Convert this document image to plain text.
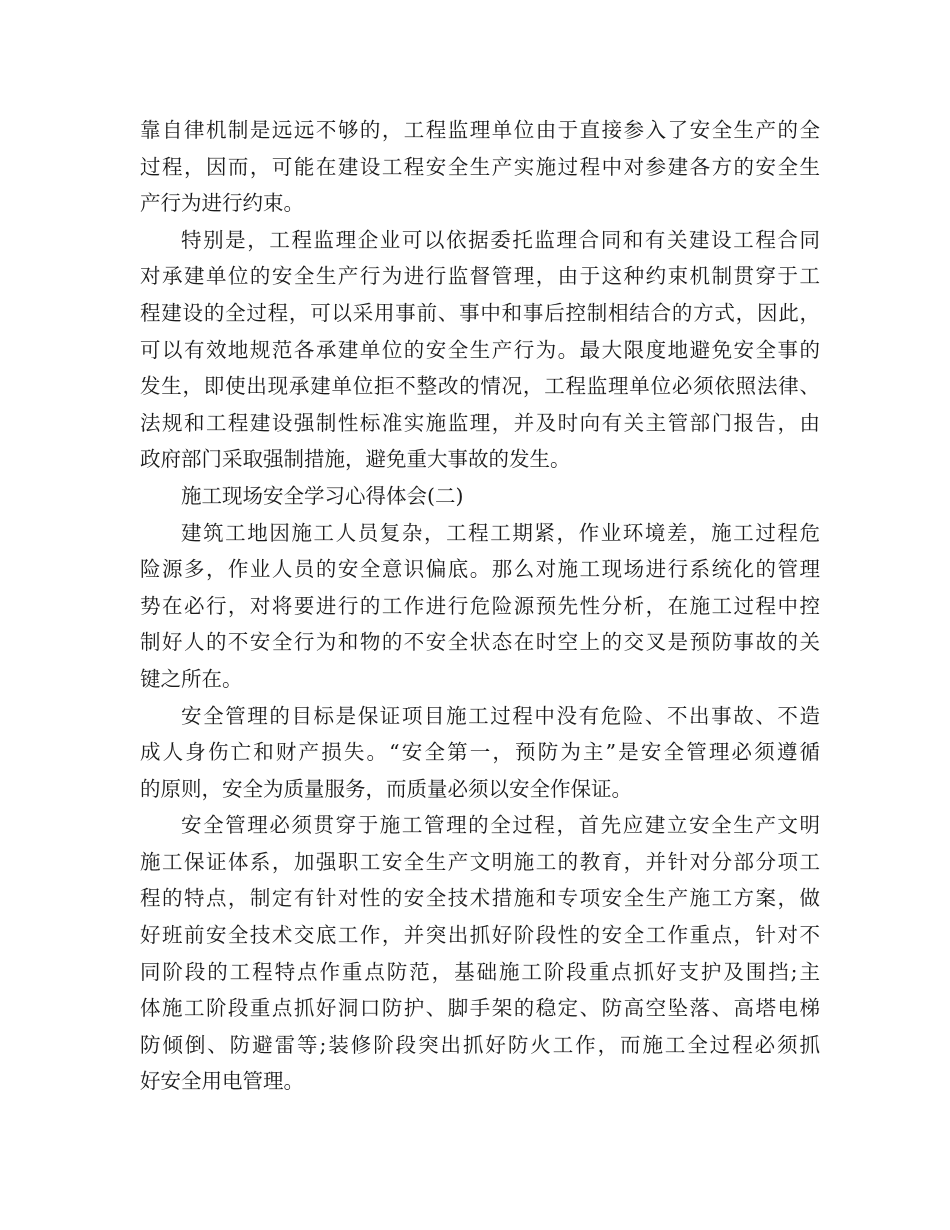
靠自律机制是远远不够的，工程监理单位由于直接参入了安全生产的全
过程，因而，可能在建设工程安全生产实施过程中对参建各方的安全生
产行为进行约束。
特别是，工程监理企业可以依据委托监理合同和有关建设工程合同
对承建单位的安全生产行为进行监督管理，由于这种约束机制贯穿于工
程建设的全过程，可以采用事前、事中和事后控制相结合的方式，因此，
可以有效地规范各承建单位的安全生产行为。最大限度地避免安全事的
发生，即使出现承建单位拒不整改的情况，工程监理单位必须依照法律、
法规和工程建设强制性标准实施监理，并及时向有关主管部门报告，由
政府部门采取强制措施，避免重大事故的发生。
施工现场安全学习心得体会(二)
建筑工地因施工人员复杂，工程工期紧，作业环境差，施工过程危
险源多，作业人员的安全意识偏底。那么对施工现场进行系统化的管理
势在必行，对将要进行的工作进行危险源预先性分析，在施工过程中控
制好人的不安全行为和物的不安全状态在时空上的交叉是预防事故的关
键之所在。
安全管理的目标是保证项目施工过程中没有危险、不出事故、不造
成人身伤亡和财产损失。“安全第一，预防为主”是安全管理必须遵循
的原则，安全为质量服务，而质量必须以安全作保证。
安全管理必须贯穿于施工管理的全过程，首先应建立安全生产文明
施工保证体系，加强职工安全生产文明施工的教育，并针对分部分项工
程的特点，制定有针对性的安全技术措施和专项安全生产施工方案，做
好班前安全技术交底工作，并突出抓好阶段性的安全工作重点，针对不
同阶段的工程特点作重点防范，基础施工阶段重点抓好支护及围挡;主
体施工阶段重点抓好洞口防护、脚手架的稳定、防高空坠落、高塔电梯
防倾倒、防避雷等;装修阶段突出抓好防火工作，而施工全过程必须抓
好安全用电管理。
